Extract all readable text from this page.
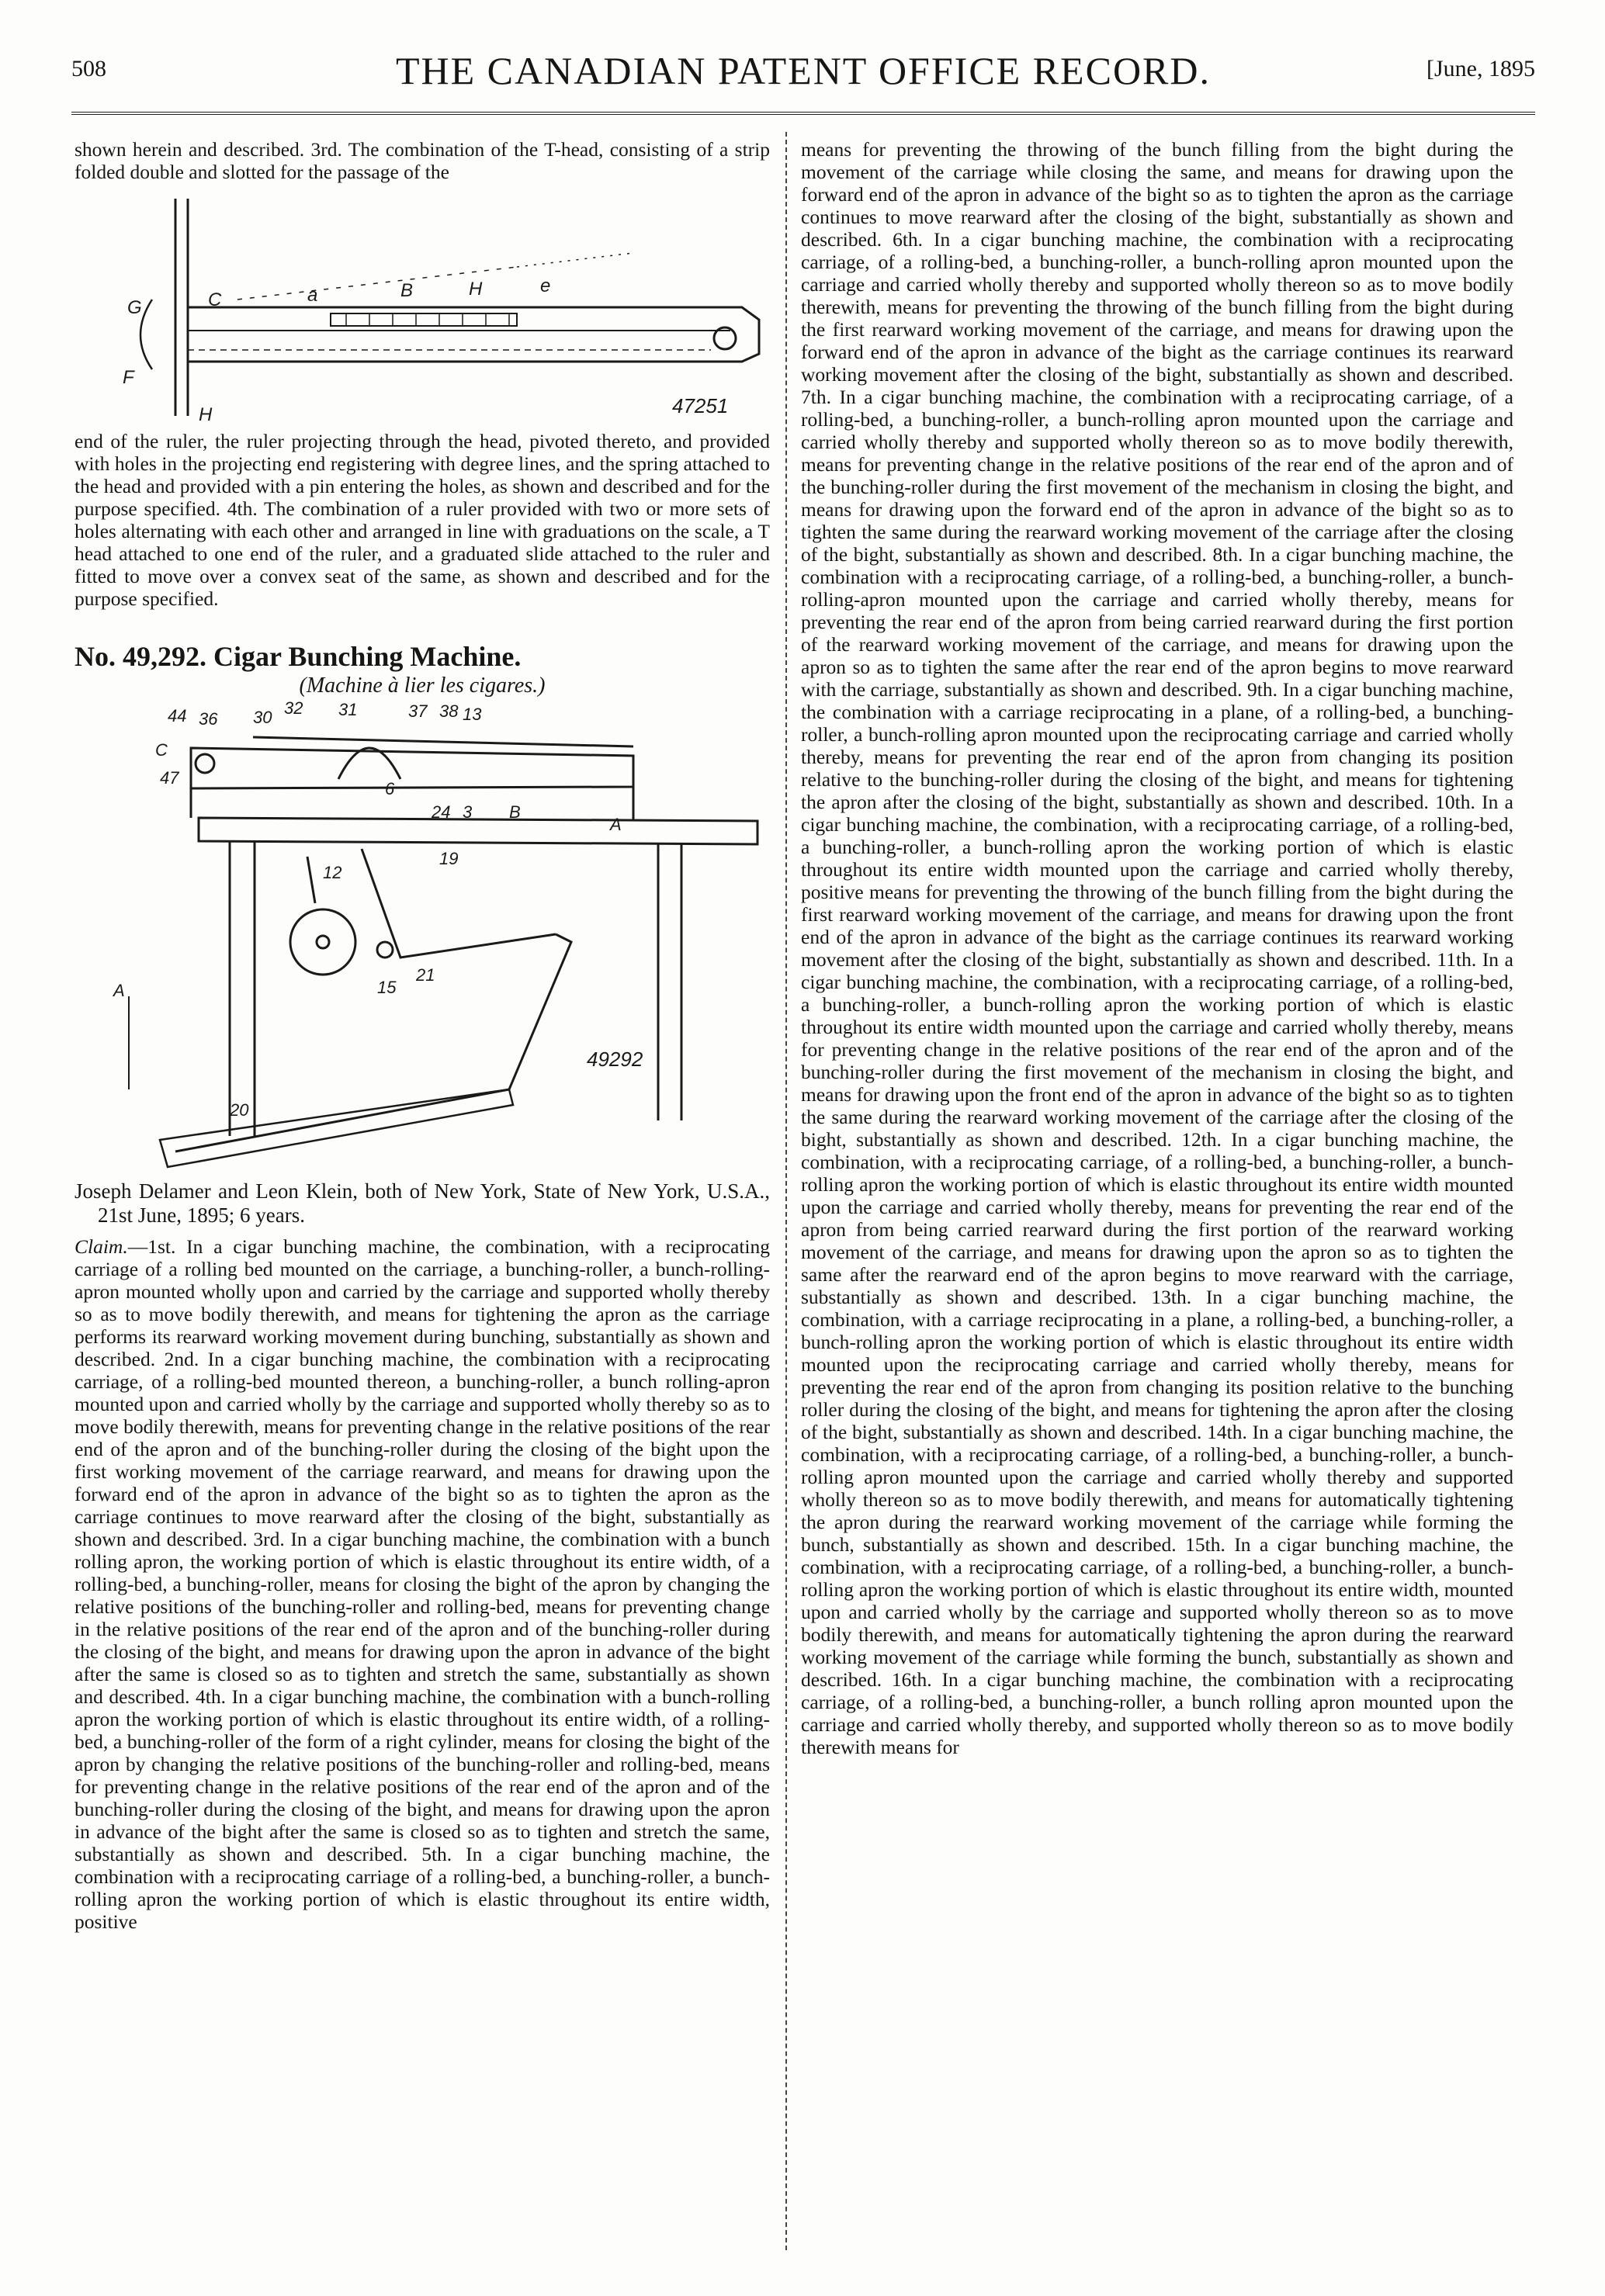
508	THE CANADIAN PATENT OFFICE RECORD.	[June, 1895

shown herein and described. 3rd. The combination of the T-head, consisting of a strip folded double and slotted for the passage of the

G
F
C	a	B	H	e
H	47251

end of the ruler, the ruler projecting through the head, pivoted thereto, and provided with holes in the projecting end registering with degree lines, and the spring attached to the head and provided with a pin entering the holes, as shown and described and for the purpose specified. 4th. The combination of a ruler provided with two or more sets of holes alternating with each other and arranged in line with graduations on the scale, a T head attached to one end of the ruler, and a graduated slide attached to the ruler and fitted to move over a convex seat of the same, as shown and described and for the purpose specified.

No. 49,292. Cigar Bunching Machine.
(Machine à lier les cigares.)
44 36 30 32 31	37 38 13
C
47
6
24 3 B
A
12
19
15
21
A
20
49292

Joseph Delamer and Leon Klein, both of New York, State of New York, U.S.A., 21st June, 1895; 6 years.

Claim.—1st. In a cigar bunching machine, the combination, with a reciprocating carriage of a rolling bed mounted on the carriage, a bunching-roller, a bunch-rolling-apron mounted wholly upon and carried by the carriage and supported wholly thereby so as to move bodily therewith, and means for tightening the apron as the carriage performs its rearward working movement during bunching, substantially as shown and described. 2nd. In a cigar bunching machine, the combination with a reciprocating carriage, of a rolling-bed mounted thereon, a bunching-roller, a bunch rolling-apron mounted upon and carried wholly by the carriage and supported wholly thereby so as to move bodily therewith, means for preventing change in the relative positions of the rear end of the apron and of the bunching-roller during the closing of the bight upon the first working movement of the carriage rearward, and means for drawing upon the forward end of the apron in advance of the bight so as to tighten the apron as the carriage continues to move rearward after the closing of the bight, substantially as shown and described. 3rd. In a cigar bunching machine, the combination with a bunch rolling apron, the working portion of which is elastic throughout its entire width, of a rolling-bed, a bunching-roller, means for closing the bight of the apron by changing the relative positions of the bunching-roller and rolling-bed, means for preventing change in the relative positions of the rear end of the apron and of the bunching-roller during the closing of the bight, and means for drawing upon the apron in advance of the bight after the same is closed so as to tighten and stretch the same, substantially as shown and described. 4th. In a cigar bunching machine, the combination with a bunch-rolling apron the working portion of which is elastic throughout its entire width, of a rolling-bed, a bunching-roller of the form of a right cylinder, means for closing the bight of the apron by changing the relative positions of the bunching-roller and rolling-bed, means for preventing change in the relative positions of the rear end of the apron and of the bunching-roller during the closing of the bight, and means for drawing upon the apron in advance of the bight after the same is closed so as to tighten and stretch the same, substantially as shown and described. 5th. In a cigar bunching machine, the combination with a reciprocating carriage of a rolling-bed, a bunching-roller, a bunch-rolling apron the working portion of which is elastic throughout its entire width, positive

means for preventing the throwing of the bunch filling from the bight during the movement of the carriage while closing the same, and means for drawing upon the forward end of the apron in advance of the bight so as to tighten the apron as the carriage continues to move rearward after the closing of the bight, substantially as shown and described. 6th. In a cigar bunching machine, the combination with a reciprocating carriage, of a rolling-bed, a bunching-roller, a bunch-rolling apron mounted upon the carriage and carried wholly thereby and supported wholly thereon so as to move bodily therewith, means for preventing the throwing of the bunch filling from the bight during the first rearward working movement of the carriage, and means for drawing upon the forward end of the apron in advance of the bight as the carriage continues its rearward working movement after the closing of the bight, substantially as shown and described. 7th. In a cigar bunching machine, the combination with a reciprocating carriage, of a rolling-bed, a bunching-roller, a bunch-rolling apron mounted upon the carriage and carried wholly thereby and supported wholly thereon so as to move bodily therewith, means for preventing change in the relative positions of the rear end of the apron and of the bunching-roller during the first movement of the mechanism in closing the bight, and means for drawing upon the forward end of the apron in advance of the bight so as to tighten the same during the rearward working movement of the carriage after the closing of the bight, substantially as shown and described. 8th. In a cigar bunching machine, the combination with a reciprocating carriage, of a rolling-bed, a bunching-roller, a bunch-rolling-apron mounted upon the carriage and carried wholly thereby, means for preventing the rear end of the apron from being carried rearward during the first portion of the rearward working movement of the carriage, and means for drawing upon the apron so as to tighten the same after the rear end of the apron begins to move rearward with the carriage, substantially as shown and described. 9th. In a cigar bunching machine, the combination with a carriage reciprocating in a plane, of a rolling-bed, a bunching-roller, a bunch-rolling apron mounted upon the reciprocating carriage and carried wholly thereby, means for preventing the rear end of the apron from changing its position relative to the bunching-roller during the closing of the bight, and means for tightening the apron after the closing of the bight, substantially as shown and described. 10th. In a cigar bunching machine, the combination, with a reciprocating carriage, of a rolling-bed, a bunching-roller, a bunch-rolling apron the working portion of which is elastic throughout its entire width mounted upon the carriage and carried wholly thereby, positive means for preventing the throwing of the bunch filling from the bight during the first rearward working movement of the carriage, and means for drawing upon the front end of the apron in advance of the bight as the carriage continues its rearward working movement after the closing of the bight, substantially as shown and described. 11th. In a cigar bunching machine, the combination, with a reciprocating carriage, of a rolling-bed, a bunching-roller, a bunch-rolling apron the working portion of which is elastic throughout its entire width mounted upon the carriage and carried wholly thereby, means for preventing change in the relative positions of the rear end of the apron and of the bunching-roller during the first movement of the mechanism in closing the bight, and means for drawing upon the front end of the apron in advance of the bight so as to tighten the same during the rearward working movement of the carriage after the closing of the bight, substantially as shown and described. 12th. In a cigar bunching machine, the combination, with a reciprocating carriage, of a rolling-bed, a bunching-roller, a bunch-rolling apron the working portion of which is elastic throughout its entire width mounted upon the carriage and carried wholly thereby, means for preventing the rear end of the apron from being carried rearward during the first portion of the rearward working movement of the carriage, and means for drawing upon the apron so as to tighten the same after the rearward end of the apron begins to move rearward with the carriage, substantially as shown and described. 13th. In a cigar bunching machine, the combination, with a carriage reciprocating in a plane, a rolling-bed, a bunching-roller, a bunch-rolling apron the working portion of which is elastic throughout its entire width mounted upon the reciprocating carriage and carried wholly thereby, means for preventing the rear end of the apron from changing its position relative to the bunching roller during the closing of the bight, and means for tightening the apron after the closing of the bight, substantially as shown and described. 14th. In a cigar bunching machine, the combination, with a reciprocating carriage, of a rolling-bed, a bunching-roller, a bunch-rolling apron mounted upon the carriage and carried wholly thereby and supported wholly thereon so as to move bodily therewith, and means for automatically tightening the apron during the rearward working movement of the carriage while forming the bunch, substantially as shown and described. 15th. In a cigar bunching machine, the combination, with a reciprocating carriage, of a rolling-bed, a bunching-roller, a bunch-rolling apron the working portion of which is elastic throughout its entire width, mounted upon and carried wholly by the carriage and supported wholly thereon so as to move bodily therewith, and means for automatically tightening the apron during the rearward working movement of the carriage while forming the bunch, substantially as shown and described. 16th. In a cigar bunching machine, the combination with a reciprocating carriage, of a rolling-bed, a bunching-roller, a bunch rolling apron mounted upon the carriage and carried wholly thereby, and supported wholly thereon so as to move bodily therewith means for
